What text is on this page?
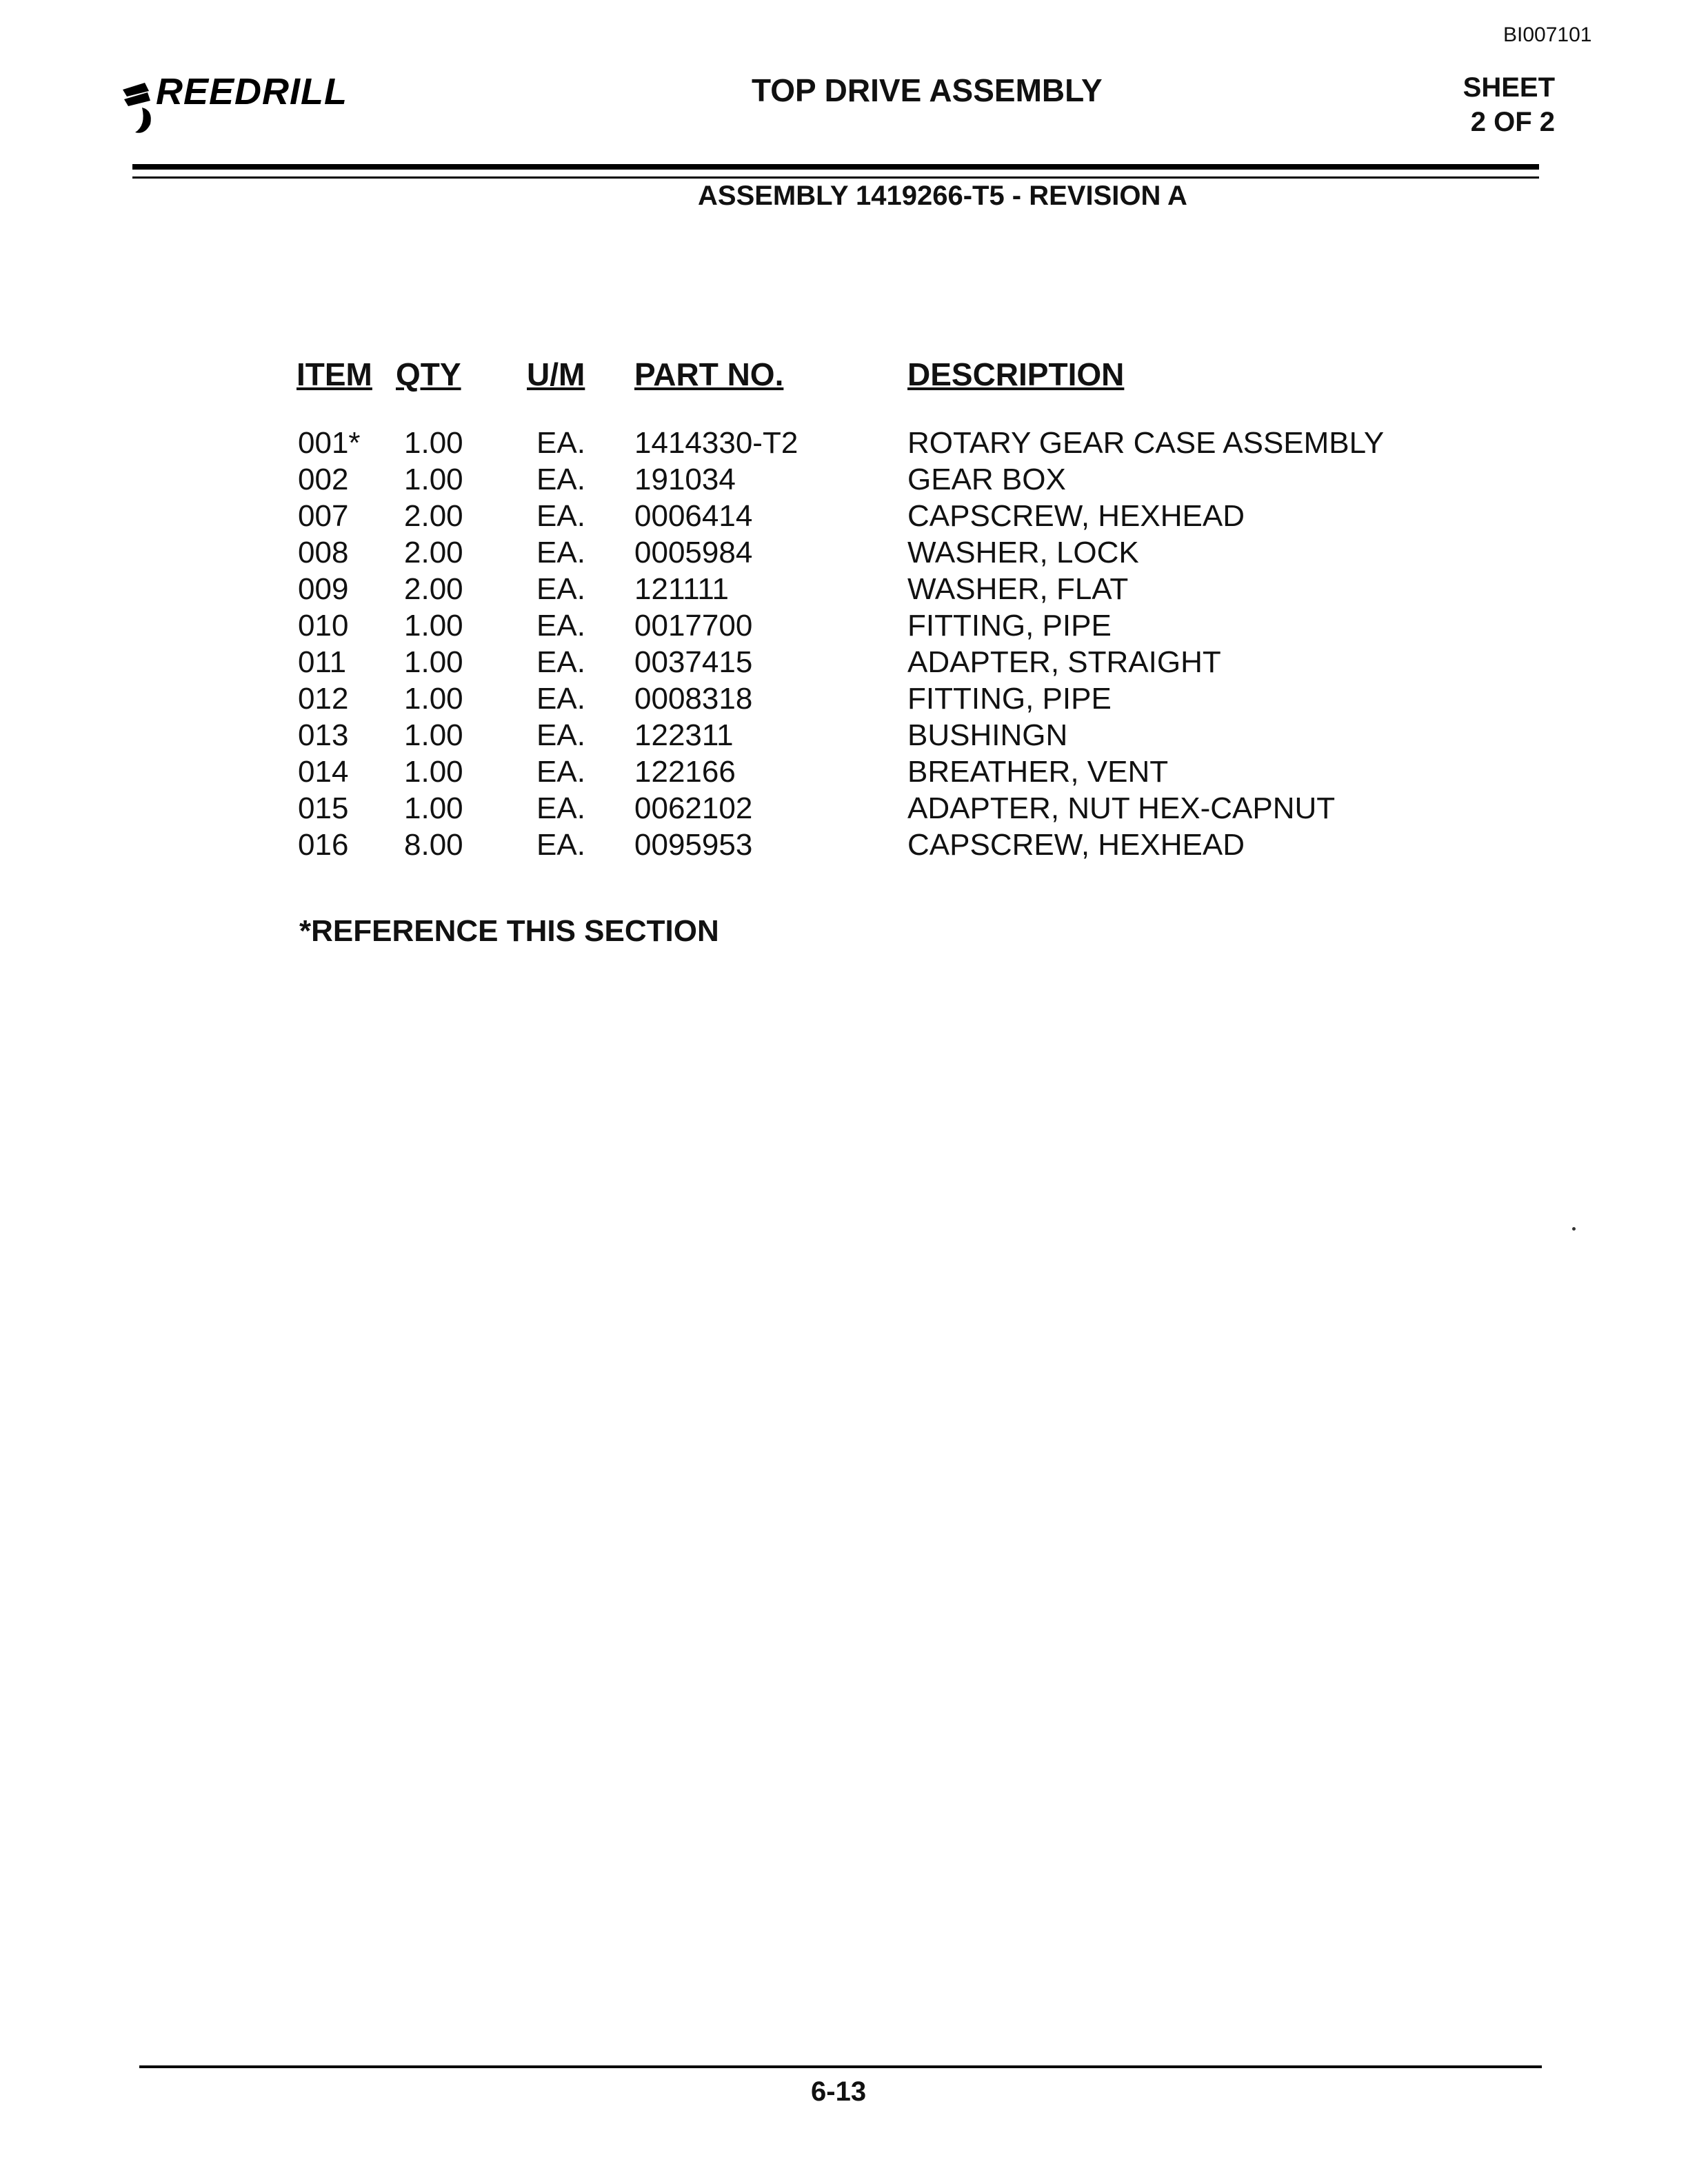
BI007101
REEDRILL	TOP DRIVE ASSEMBLY	SHEET
2 OF 2
ASSEMBLY 1419266-T5 - REVISION A
ITEM	QTY	U/M	PART NO.	DESCRIPTION
001*	1.00	EA.	1414330-T2	ROTARY GEAR CASE ASSEMBLY
002	1.00	EA.	191034	GEAR BOX
007	2.00	EA.	0006414	CAPSCREW, HEXHEAD
008	2.00	EA.	0005984	WASHER, LOCK
009	2.00	EA.	121111	WASHER, FLAT
010	1.00	EA.	0017700	FITTING, PIPE
011	1.00	EA.	0037415	ADAPTER, STRAIGHT
012	1.00	EA.	0008318	FITTING, PIPE
013	1.00	EA.	122311	BUSHINGN
014	1.00	EA.	122166	BREATHER, VENT
015	1.00	EA.	0062102	ADAPTER, NUT HEX-CAPNUT
016	8.00	EA.	0095953	CAPSCREW, HEXHEAD
*REFERENCE THIS SECTION
6-13
